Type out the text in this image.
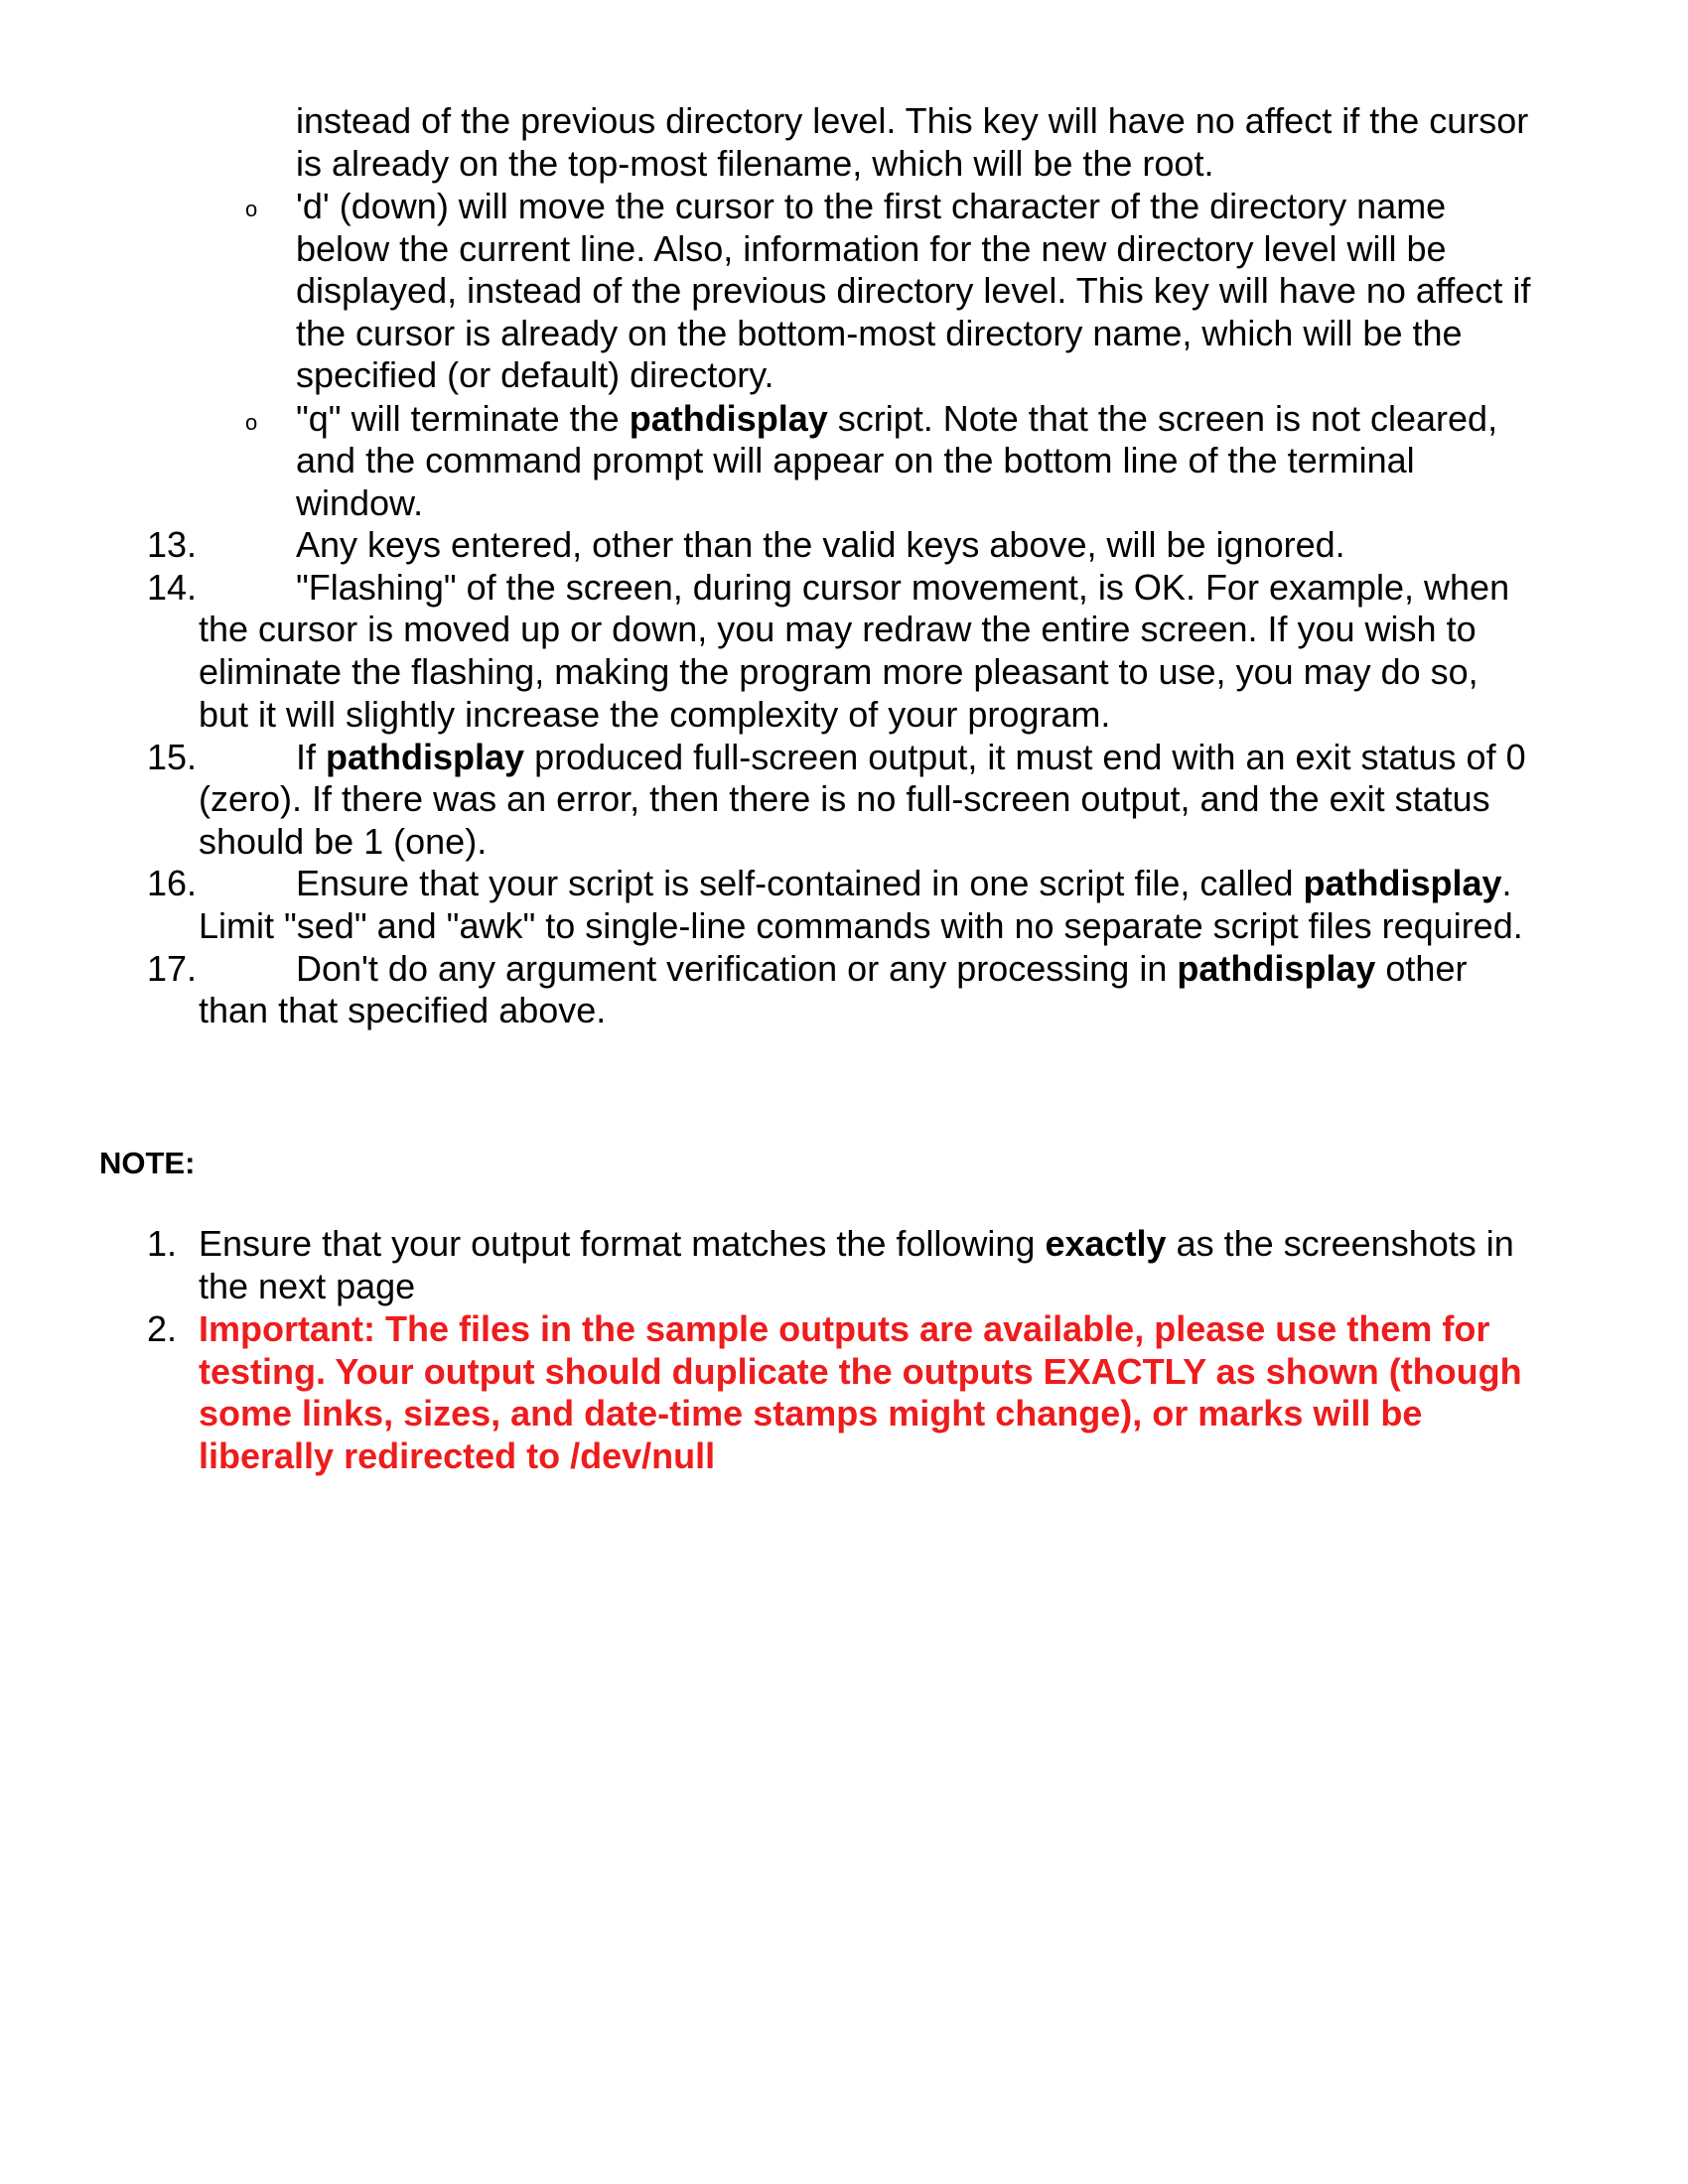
instead of the previous directory level. This key will have no affect if the cursor
is already on the top-most filename, which will be the root.
o 'd' (down) will move the cursor to the first character of the directory name
below the current line. Also, information for the new directory level will be
displayed, instead of the previous directory level. This key will have no affect if
the cursor is already on the bottom-most directory name, which will be the
specified (or default) directory.
o "q" will terminate the pathdisplay script. Note that the screen is not cleared,
and the command prompt will appear on the bottom line of the terminal
window.
13.	Any keys entered, other than the valid keys above, will be ignored.
14.	"Flashing" of the screen, during cursor movement, is OK. For example, when
the cursor is moved up or down, you may redraw the entire screen. If you wish to
eliminate the flashing, making the program more pleasant to use, you may do so,
but it will slightly increase the complexity of your program.
15.	If pathdisplay produced full-screen output, it must end with an exit status of 0
(zero). If there was an error, then there is no full-screen output, and the exit status
should be 1 (one).
16.	Ensure that your script is self-contained in one script file, called pathdisplay.
Limit "sed" and "awk" to single-line commands with no separate script files required.
17.	Don't do any argument verification or any processing in pathdisplay other
than that specified above.
NOTE:
1. Ensure that your output format matches the following exactly as the screenshots in
the next page
2. Important: The files in the sample outputs are available, please use them for
testing. Your output should duplicate the outputs EXACTLY as shown (though
some links, sizes, and date-time stamps might change), or marks will be
liberally redirected to /dev/null
